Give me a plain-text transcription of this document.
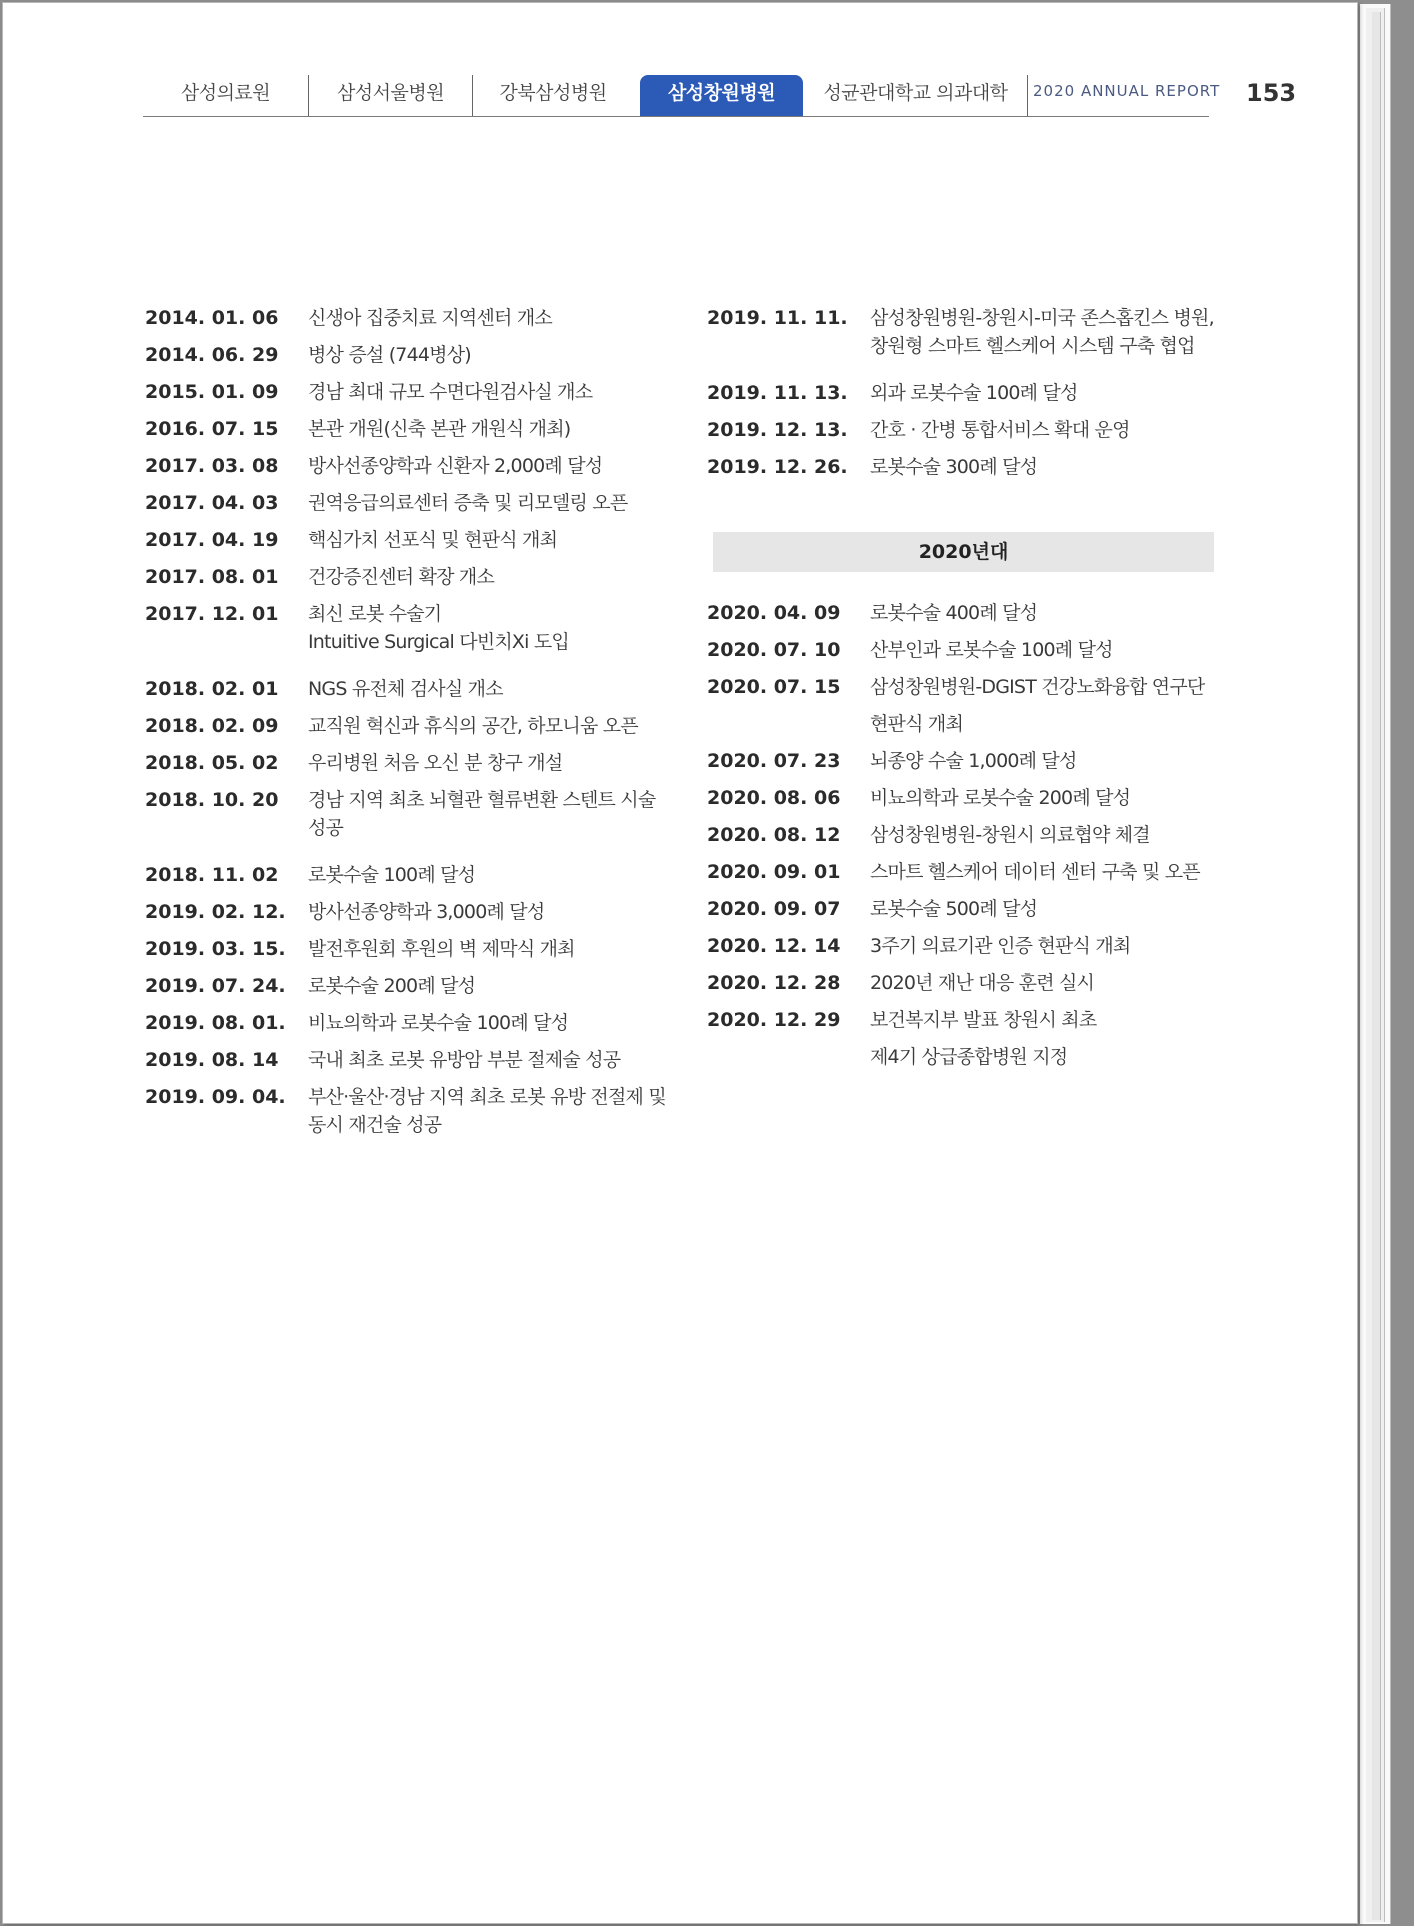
삼성의료원	삼성서울병원	강북삼성병원	삼성창원병원	성균관대학교 의과대학	2020 ANNUAL REPORT 153
2014. 01. 06 신생아 집중치료 지역센터 개소
2014. 06. 29 병상 증설 (744병상)
2015. 01. 09 경남 최대 규모 수면다원검사실 개소
2016. 07. 15 본관 개원(신축 본관 개원식 개최)
2017. 03. 08 방사선종양학과 신환자 2,000례 달성
2017. 04. 03 권역응급의료센터 증축 및 리모델링 오픈
2017. 04. 19 핵심가치 선포식 및 현판식 개최
2017. 08. 01 건강증진센터 확장 개소
2017. 12. 01 최신 로봇 수술기
Intuitive Surgical 다빈치Xi 도입
2018. 02. 01 NGS 유전체 검사실 개소
2018. 02. 09 교직원 혁신과 휴식의 공간, 하모니움 오픈
2018. 05. 02 우리병원 처음 오신 분 창구 개설
2018. 10. 20 경남 지역 최초 뇌혈관 혈류변환 스텐트 시술
성공
2018. 11. 02 로봇수술 100례 달성
2019. 02. 12. 방사선종양학과 3,000례 달성
2019. 03. 15. 발전후원회 후원의 벽 제막식 개최
2019. 07. 24. 로봇수술 200례 달성
2019. 08. 01. 비뇨의학과 로봇수술 100례 달성
2019. 08. 14 국내 최초 로봇 유방암 부분 절제술 성공
2019. 09. 04. 부산·울산·경남 지역 최초 로봇 유방 전절제 및
동시 재건술 성공
2019. 11. 11. 삼성창원병원-창원시-미국 존스홉킨스 병원,
창원형 스마트 헬스케어 시스템 구축 협업
2019. 11. 13. 외과 로봇수술 100례 달성
2019. 12. 13. 간호 · 간병 통합서비스 확대 운영
2019. 12. 26. 로봇수술 300례 달성
2020년대
2020. 04. 09 로봇수술 400례 달성
2020. 07. 10 산부인과 로봇수술 100례 달성
2020. 07. 15 삼성창원병원-DGIST 건강노화융합 연구단
현판식 개최
2020. 07. 23 뇌종양 수술 1,000례 달성
2020. 08. 06 비뇨의학과 로봇수술 200례 달성
2020. 08. 12 삼성창원병원-창원시 의료협약 체결
2020. 09. 01 스마트 헬스케어 데이터 센터 구축 및 오픈
2020. 09. 07 로봇수술 500례 달성
2020. 12. 14 3주기 의료기관 인증 현판식 개최
2020. 12. 28 2020년 재난 대응 훈련 실시
2020. 12. 29 보건복지부 발표 창원시 최초
제4기 상급종합병원 지정
